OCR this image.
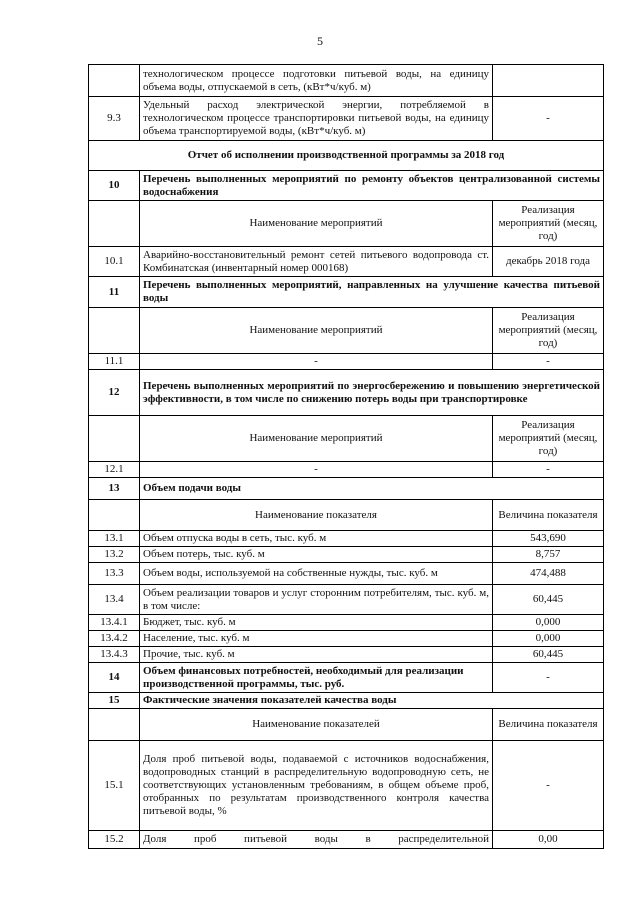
5
	технологическом процессе подготовки питьевой воды, на единицу объема воды, отпускаемой в сеть, (кВт*ч/куб. м)	
9.3	Удельный расход электрической энергии, потребляемой в технологическом процессе транспортировки питьевой воды, на единицу объема транспортируемой воды, (кВт*ч/куб. м)	-
Отчет об исполнении производственной программы за 2018 год		
10	Перечень выполненных мероприятий по ремонту объектов централизованной системы водоснабжения	
	Наименование мероприятий	Реализация мероприятий (месяц, год)
10.1	Аварийно-восстановительный ремонт сетей питьевого водопровода ст. Комбинатская (инвентарный номер 000168)	декабрь 2018 года
11	Перечень выполненных мероприятий, направленных на улучшение качества питьевой воды	
	Наименование мероприятий	Реализация мероприятий (месяц, год)
11.1	-	-
12	Перечень выполненных мероприятий по энергосбережению и повышению энергетической эффективности, в том числе по снижению потерь воды при транспортировке	
	Наименование мероприятий	Реализация мероприятий (месяц, год)
12.1	-	-
13	Объем подачи воды	
	Наименование показателя	Величина показателя
13.1	Объем отпуска воды в сеть, тыс. куб. м	543,690
13.2	Объем потерь, тыс. куб. м	8,757
13.3	Объем воды, используемой на собственные нужды, тыс. куб. м	474,488
13.4	Объем реализации товаров и услуг сторонним потребителям, тыс. куб. м, в том числе:	60,445
13.4.1	Бюджет, тыс. куб. м	0,000
13.4.2	Население, тыс. куб. м	0,000
13.4.3	Прочие, тыс. куб. м	60,445
14	Объем финансовых потребностей, необходимый для реализации производственной программы, тыс. руб.	-
15	Фактические значения показателей качества воды	
	Наименование показателей	Величина показателя
15.1	Доля проб питьевой воды, подаваемой с источников водоснабжения, водопроводных станций в распределительную водопроводную сеть, не соответствующих установленным требованиям, в общем объеме проб, отобранных по результатам производственного контроля качества питьевой воды, %	-
15.2	Доля проб питьевой воды в распределительной	0,00
